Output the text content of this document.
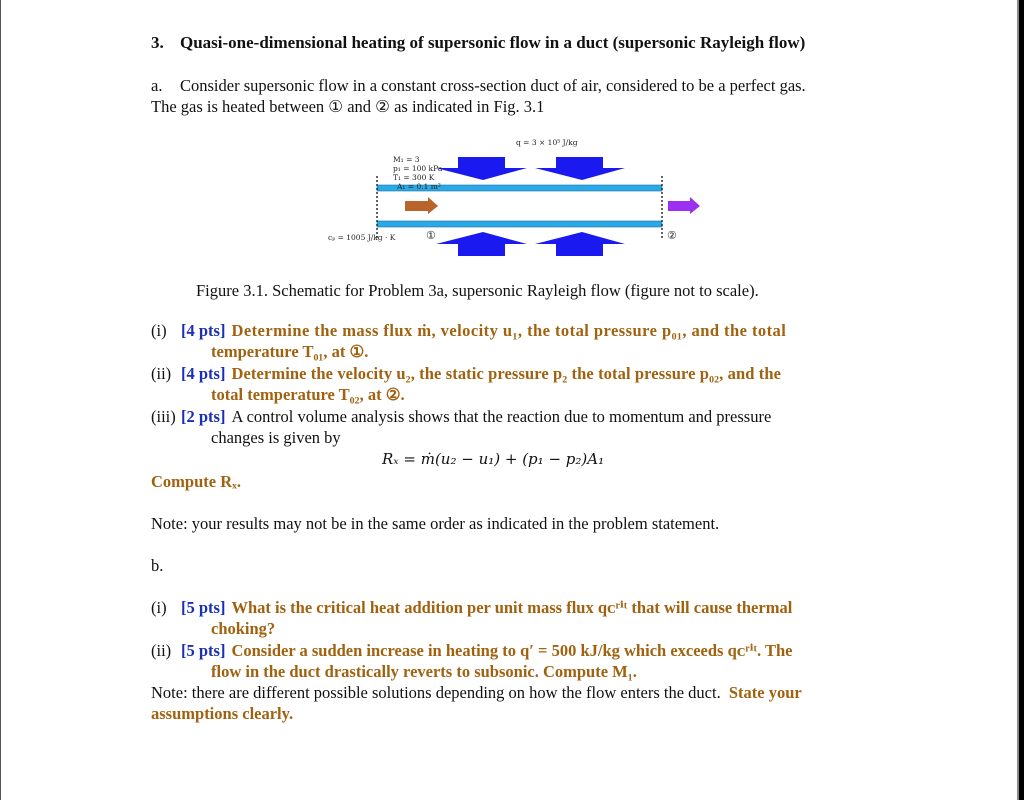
3. Quasi-one-dimensional heating of supersonic flow in a duct (supersonic Rayleigh flow)
a. Consider supersonic flow in a constant cross-section duct of air, considered to be a perfect gas.
The gas is heated between ① and ② as indicated in Fig. 3.1
q = 3 × 10⁵ J/kg
M₁ = 3
p₁ = 100 kPa
T₁ = 300 K
A₁ = 0.1 m²
cₚ = 1005 J/kg · K	①	②
Figure 3.1. Schematic for Problem 3a, supersonic Rayleigh flow (figure not to scale).
(i) [4 pts] Determine the mass flux ṁ, velocity u₁, the total pressure p₀₁, and the total
temperature T₀₁, at ①.
(ii) [4 pts] Determine the velocity u₂, the static pressure p₂ the total pressure p₀₂, and the
total temperature T₀₂, at ②.
(iii) [2 pts] A control volume analysis shows that the reaction due to momentum and pressure
changes is given by
Rₓ = ṁ(u₂ − u₁) + (p₁ − p₂)A₁
Compute Rₓ.
Note: your results may not be in the same order as indicated in the problem statement.
b.
(i) [5 pts] What is the critical heat addition per unit mass flux qᴄʳⁱᵗ that will cause thermal
choking?
(ii) [5 pts] Consider a sudden increase in heating to q′ = 500 kJ/kg which exceeds qᴄʳⁱᵗ. The
flow in the duct drastically reverts to subsonic. Compute M₁.
Note: there are different possible solutions depending on how the flow enters the duct. State your
assumptions clearly.
